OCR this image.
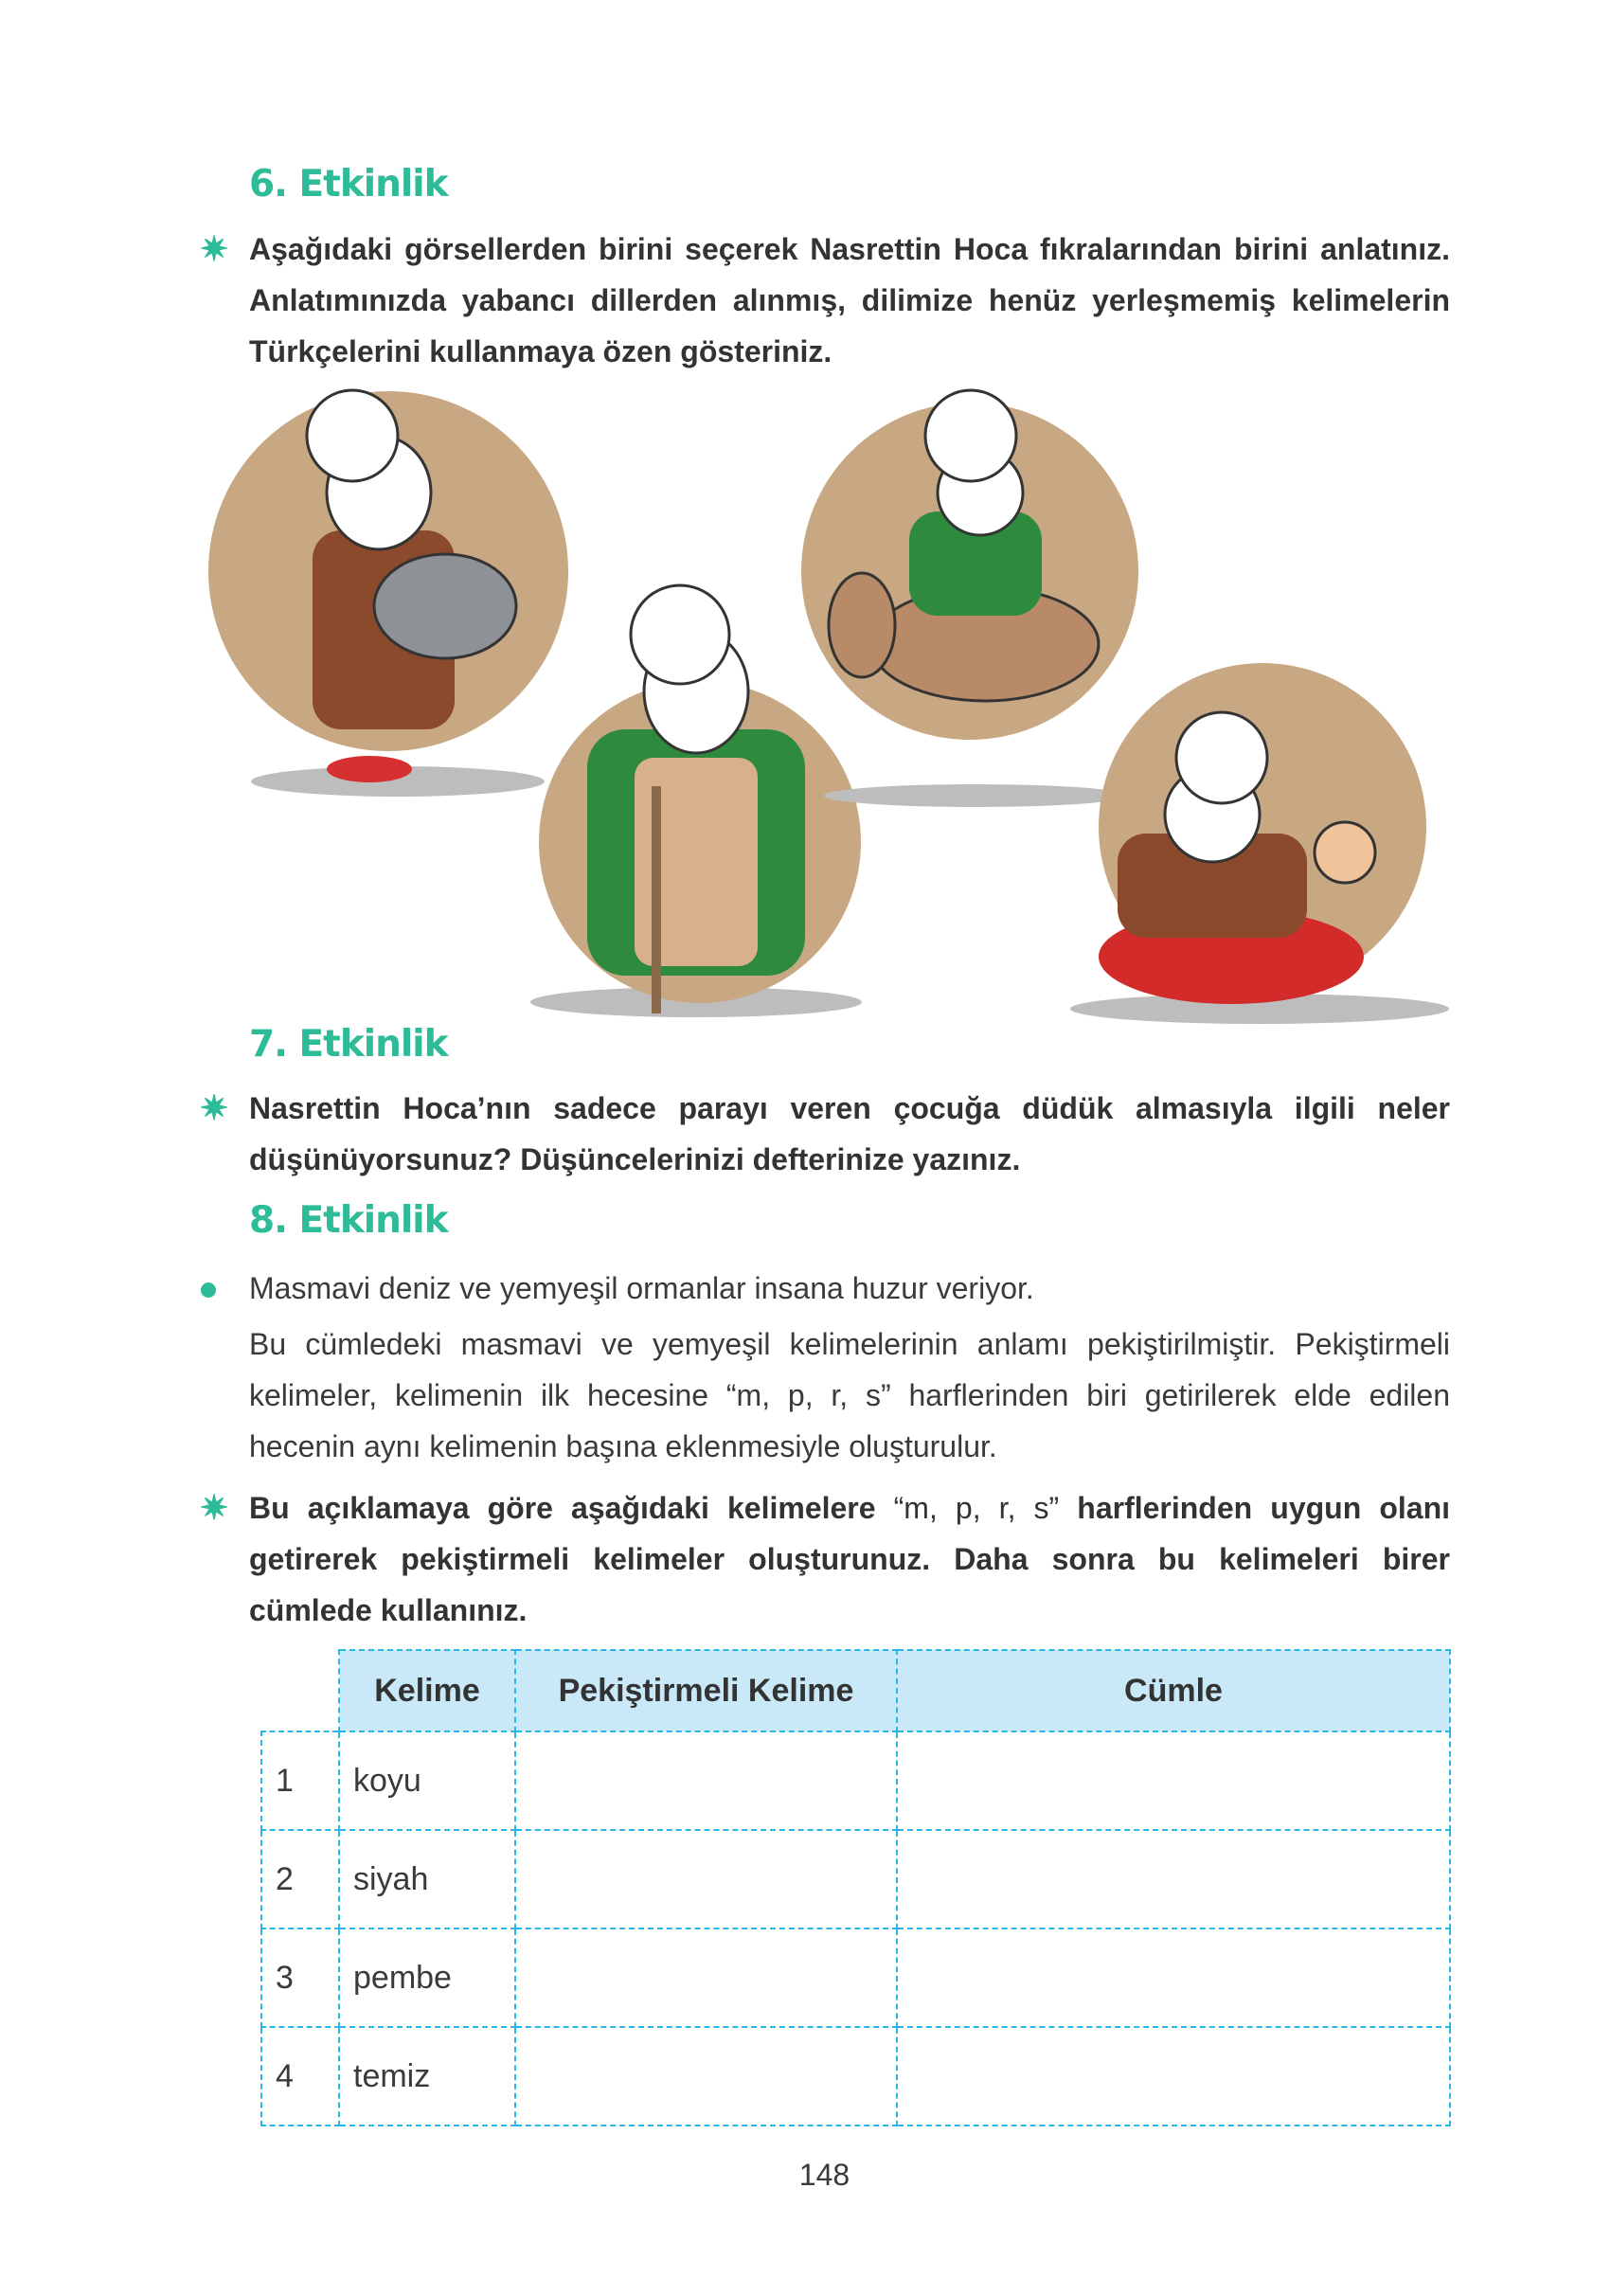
6. Etkinlik
✷ Aşağıdaki görsellerden birini seçerek Nasrettin Hoca fıkralarından birini anlatınız. Anlatımınızda yabancı dillerden alınmış, dilimize henüz yerleşmemiş kelimelerin Türkçelerini kullanmaya özen gösteriniz.
7. Etkinlik
✷ Nasrettin Hoca’nın sadece parayı veren çocuğa düdük almasıyla ilgili neler düşünüyorsunuz? Düşüncelerinizi defterinize yazınız.
8. Etkinlik
Masmavi deniz ve yemyeşil ormanlar insana huzur veriyor.
Bu cümledeki masmavi ve yemyeşil kelimelerinin anlamı pekiştirilmiştir. Pekiştirmeli kelimeler, kelimenin ilk hecesine “m, p, r, s” harflerinden biri getirilerek elde edilen hecenin aynı kelimenin başına eklenmesiyle oluşturulur.
✷ Bu açıklamaya göre aşağıdaki kelimelere “m, p, r, s” harflerinden uygun olanı getirerek pekiştirmeli kelimeler oluşturunuz. Daha sonra bu kelimeleri birer cümlede kullanınız.
	Kelime	Pekiştirmeli Kelime	Cümle
1	koyu		
2	siyah		
3	pembe		
4	temiz		
148
